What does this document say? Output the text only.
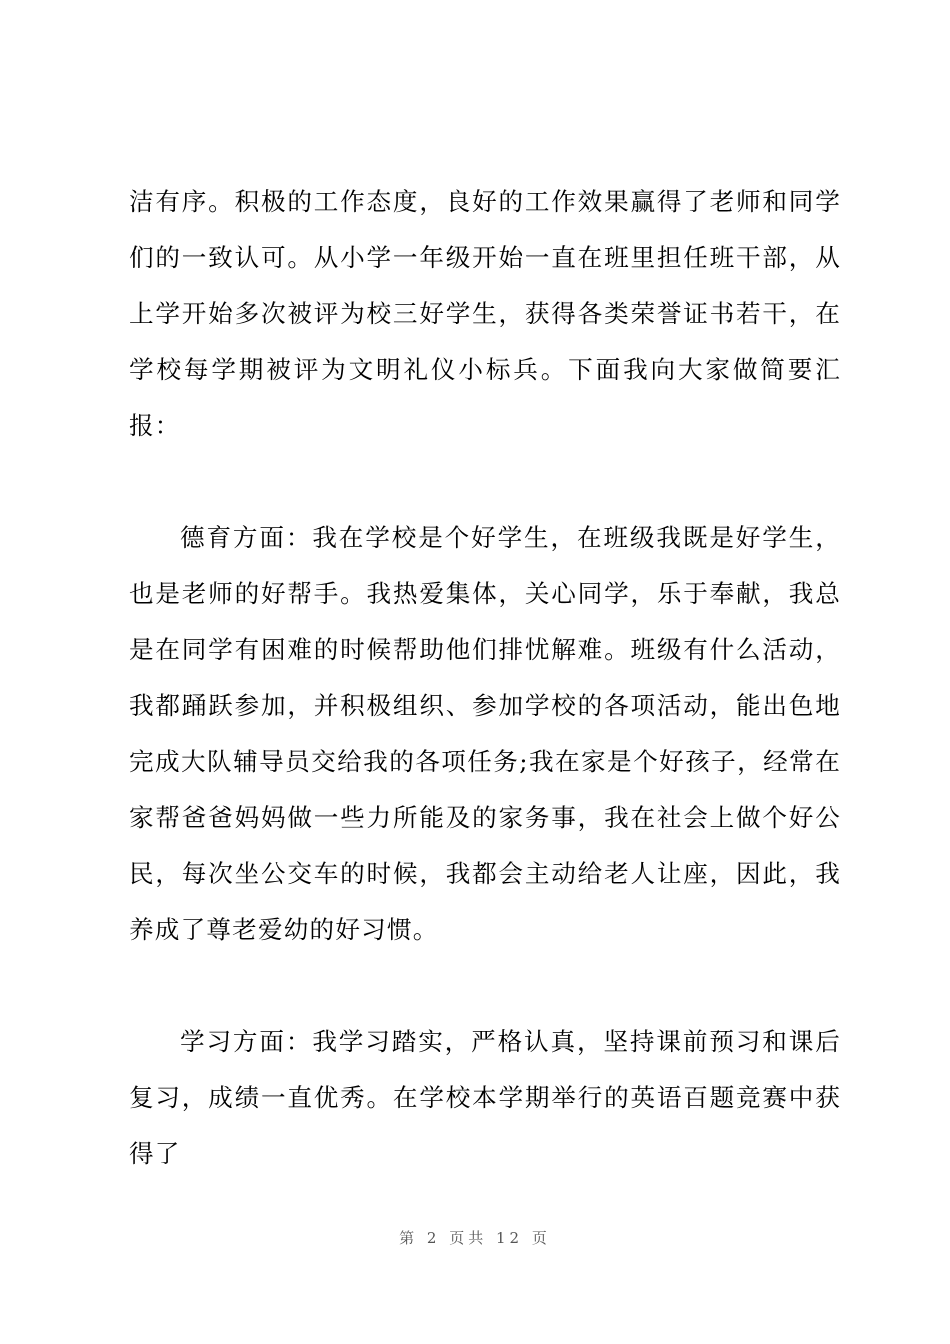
洁有序。积极的工作态度，良好的工作效果赢得了老师和同学们的一致认可。从小学一年级开始一直在班里担任班干部，从上学开始多次被评为校三好学生，获得各类荣誉证书若干，在学校每学期被评为文明礼仪小标兵。下面我向大家做简要汇报：

德育方面：我在学校是个好学生，在班级我既是好学生，也是老师的好帮手。我热爱集体，关心同学，乐于奉献，我总是在同学有困难的时候帮助他们排忧解难。班级有什么活动，我都踊跃参加，并积极组织、参加学校的各项活动，能出色地完成大队辅导员交给我的各项任务;我在家是个好孩子，经常在家帮爸爸妈妈做一些力所能及的家务事，我在社会上做个好公民，每次坐公交车的时候，我都会主动给老人让座，因此，我养成了尊老爱幼的好习惯。

学习方面：我学习踏实，严格认真，坚持课前预习和课后复习，成绩一直优秀。在学校本学期举行的英语百题竞赛中获得了

第 2 页共 12 页
